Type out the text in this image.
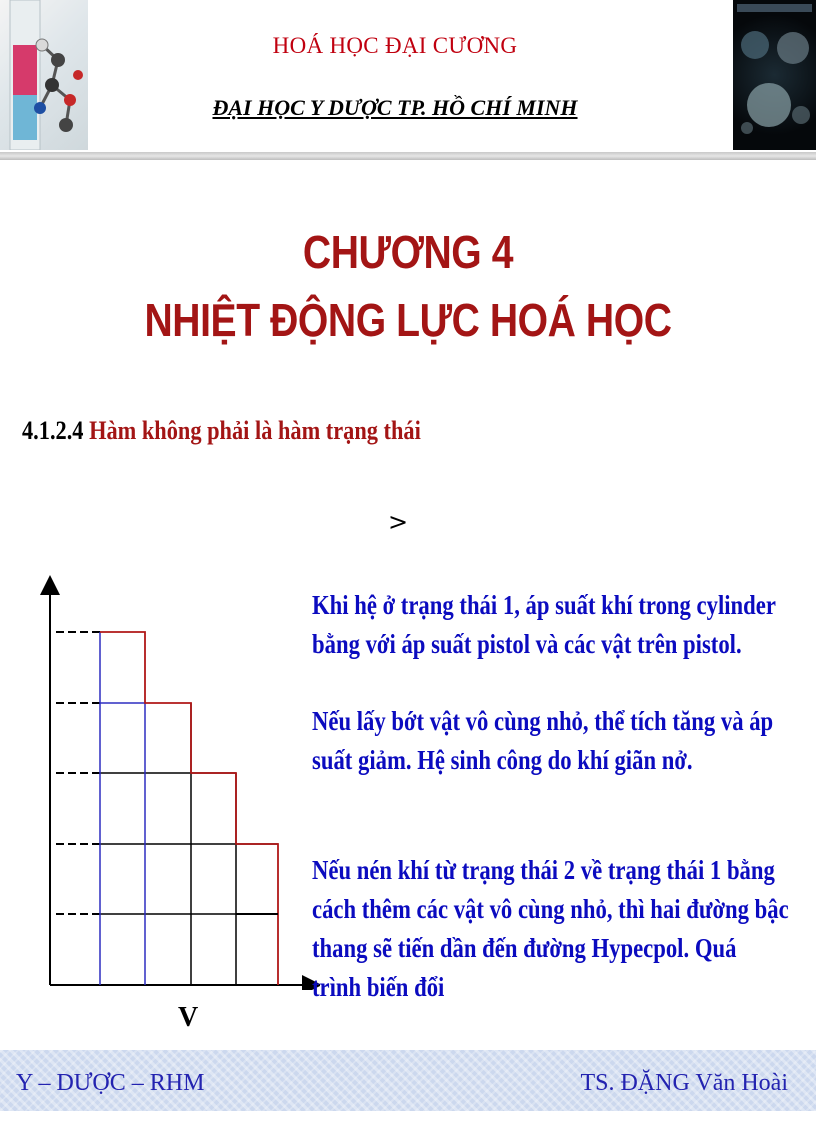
HOÁ HỌC ĐẠI CƯƠNG
ĐẠI HỌC Y DƯỢC TP. HỒ CHÍ MINH
CHƯƠNG 4
NHIỆT ĐỘNG LỰC HOÁ HỌC
4.1.2.4 Hàm không phải là hàm trạng thái
>
V
Khi hệ ở trạng thái 1, áp suất khí trong cylinder bằng với áp suất pistol và các vật trên pistol.
Nếu lấy bớt vật vô cùng nhỏ, thể tích tăng và áp suất giảm. Hệ sinh công do khí giãn nở.
Nếu nén khí từ trạng thái 2 về trạng thái 1 bằng cách thêm các vật vô cùng nhỏ, thì hai đường bậc thang sẽ tiến dần đến đường Hypecpol. Quá trình biến đổi
Y – DƯỢC – RHM	TS. ĐẶNG Văn Hoài
